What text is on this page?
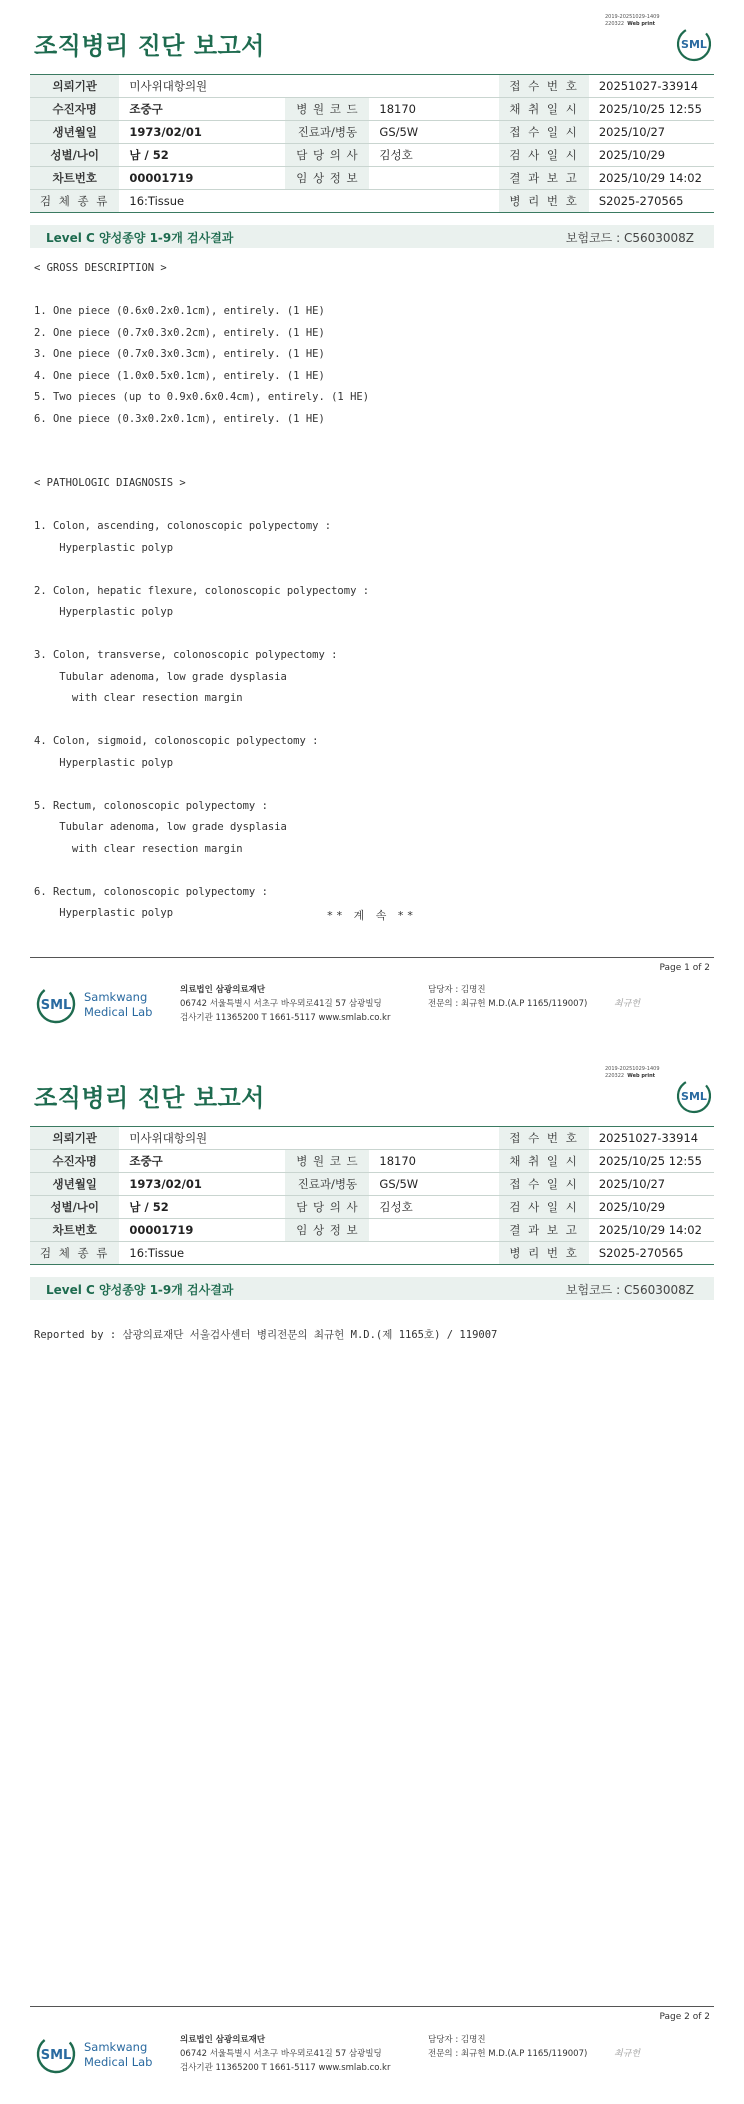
2019-20251029-1409
220322 Web print
조직병리 진단 보고서	SML
의뢰기관	미사위대항의원			접 수 번 호	20251027-33914
수진자명	조중구	병 원 코 드	18170	채 취 일 시	2025/10/25 12:55
생년월일	1973/02/01	진료과/병동	GS/5W	접 수 일 시	2025/10/27
성별/나이	남 / 52	담 당 의 사	김성호	검 사 일 시	2025/10/29
차트번호	00001719	임 상 정 보		결 과 보 고	2025/10/29 14:02
검 체 종 류	16:Tissue			병 리 번 호	S2025-270565
Level C 양성종양 1-9개 검사결과	보험코드 : C5603008Z
< GROSS DESCRIPTION >

1. One piece (0.6x0.2x0.1cm), entirely. (1 HE)
2. One piece (0.7x0.3x0.2cm), entirely. (1 HE)
3. One piece (0.7x0.3x0.3cm), entirely. (1 HE)
4. One piece (1.0x0.5x0.1cm), entirely. (1 HE)
5. Two pieces (up to 0.9x0.6x0.4cm), entirely. (1 HE)
6. One piece (0.3x0.2x0.1cm), entirely. (1 HE)

< PATHOLOGIC DIAGNOSIS >

1. Colon, ascending, colonoscopic polypectomy :
Hyperplastic polyp

2. Colon, hepatic flexure, colonoscopic polypectomy :
Hyperplastic polyp

3. Colon, transverse, colonoscopic polypectomy :
Tubular adenoma, low grade dysplasia
with clear resection margin

4. Colon, sigmoid, colonoscopic polypectomy :
Hyperplastic polyp

5. Rectum, colonoscopic polypectomy :
Tubular adenoma, low grade dysplasia
with clear resection margin

6. Rectum, colonoscopic polypectomy :
Hyperplastic polyp	** 계 속 **
Page 1 of 2
SML
Samkwang
Medical Lab
의료법인 삼광의료재단
06742 서울특별시 서초구 바우뫼로41길 57 삼광빌딩
검사기관 11365200 T 1661-5117 www.smlab.co.kr
담당자 : 김명진
전문의 : 최규헌 M.D.(A.P 1165/119007)	최규헌
2019-20251029-1409
220322 Web print
조직병리 진단 보고서	SML
의뢰기관	미사위대항의원			접 수 번 호	20251027-33914
수진자명	조중구	병 원 코 드	18170	채 취 일 시	2025/10/25 12:55
생년월일	1973/02/01	진료과/병동	GS/5W	접 수 일 시	2025/10/27
성별/나이	남 / 52	담 당 의 사	김성호	검 사 일 시	2025/10/29
차트번호	00001719	임 상 정 보		결 과 보 고	2025/10/29 14:02
검 체 종 류	16:Tissue			병 리 번 호	S2025-270565
Level C 양성종양 1-9개 검사결과	보험코드 : C5603008Z
Reported by : 삼광의료재단 서울검사센터 병리전문의 최규헌 M.D.(제 1165호) / 119007
Page 2 of 2
SML
Samkwang
Medical Lab
의료법인 삼광의료재단
06742 서울특별시 서초구 바우뫼로41길 57 삼광빌딩
검사기관 11365200 T 1661-5117 www.smlab.co.kr
담당자 : 김명진
전문의 : 최규헌 M.D.(A.P 1165/119007)	최규헌
